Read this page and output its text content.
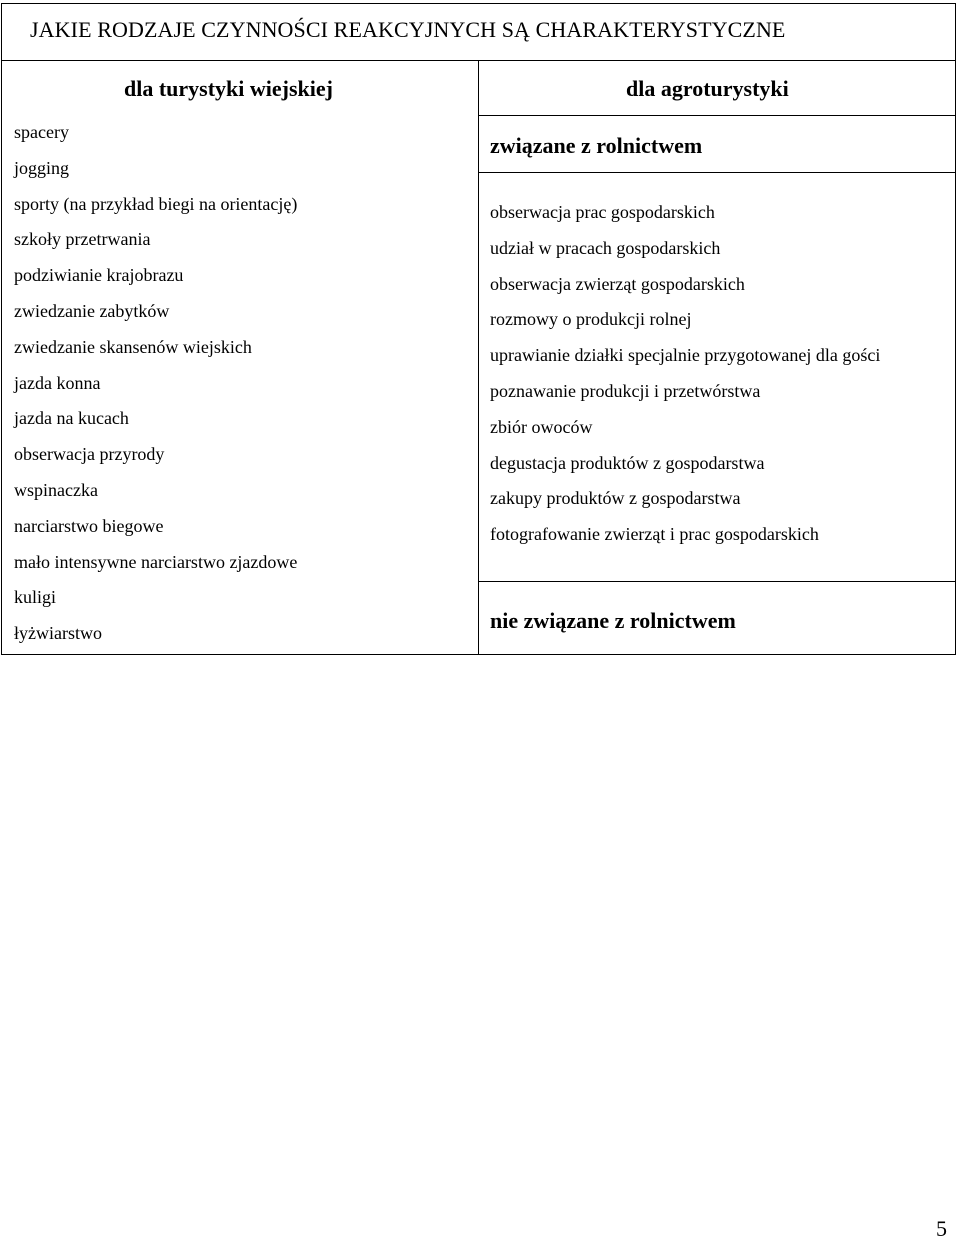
JAKIE RODZAJE CZYNNOŚCI REAKCYJNYCH SĄ CHARAKTERYSTYCZNE
dla turystyki wiejskiej	dla agroturystyki
związane z rolnictwem
spacery
jogging
sporty (na przykład biegi na orientację)
szkoły przetrwania
podziwianie krajobrazu
zwiedzanie zabytków
zwiedzanie skansenów wiejskich
jazda konna
jazda na kucach
obserwacja przyrody
wspinaczka
narciarstwo biegowe
mało intensywne narciarstwo zjazdowe
kuligi
łyżwiarstwo
obserwacja prac gospodarskich
udział w pracach gospodarskich
obserwacja zwierząt gospodarskich
rozmowy o produkcji rolnej
uprawianie działki specjalnie przygotowanej dla gości
poznawanie produkcji i przetwórstwa
zbiór owoców
degustacja produktów z gospodarstwa
zakupy produktów z gospodarstwa
fotografowanie zwierząt i prac gospodarskich
nie związane z rolnictwem
5
